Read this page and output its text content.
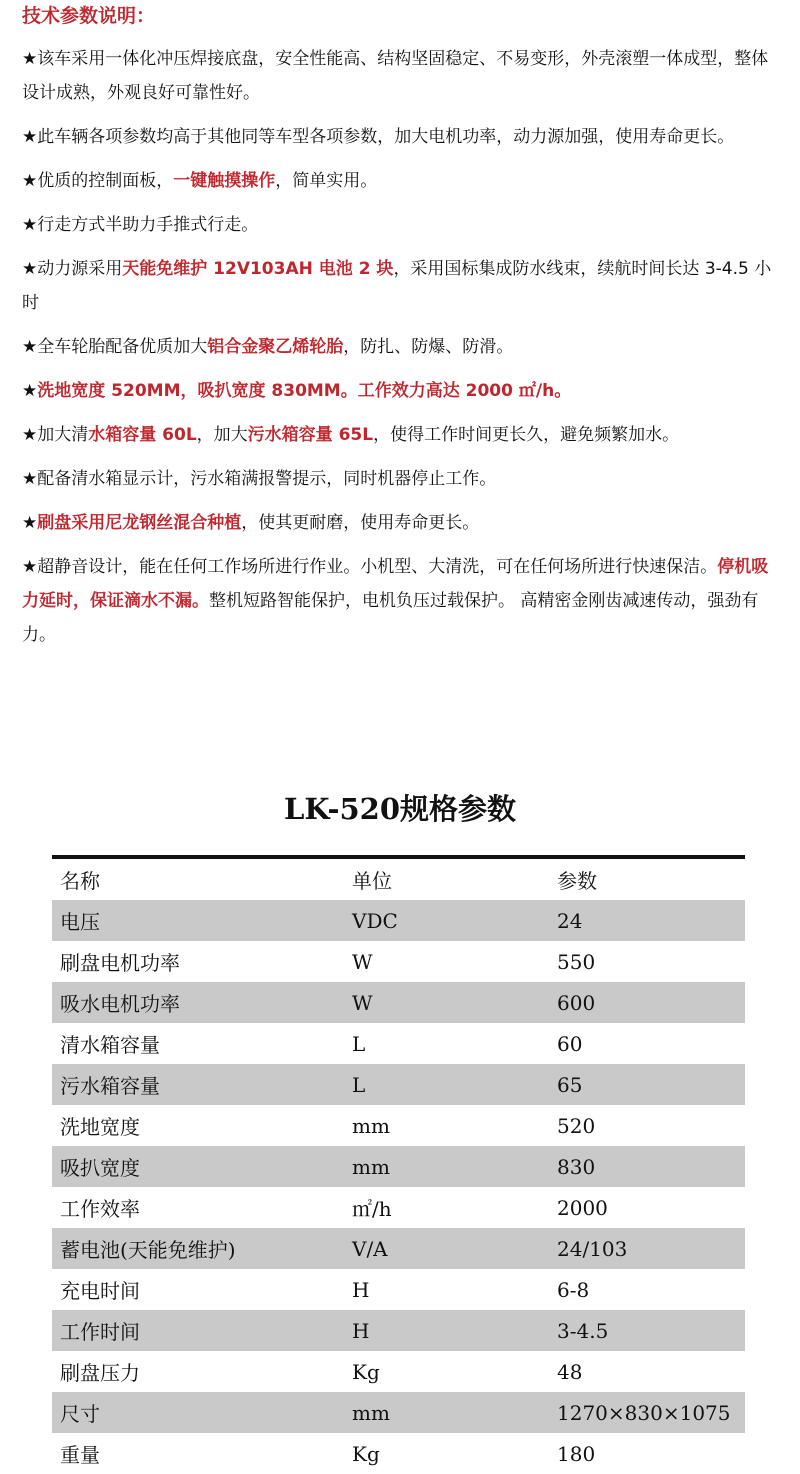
技术参数说明：
★该车采用一体化冲压焊接底盘，安全性能高、结构坚固稳定、不易变形，外壳滚塑一体成型，整体设计成熟，外观良好可靠性好。
★此车辆各项参数均高于其他同等车型各项参数，加大电机功率，动力源加强，使用寿命更长。
★优质的控制面板，一键触摸操作，简单实用。
★行走方式半助力手推式行走。
★动力源采用天能免维护 12V103AH 电池 2 块，采用国标集成防水线束，续航时间长达 3-4.5 小时
★全车轮胎配备优质加大铝合金聚乙烯轮胎，防扎、防爆、防滑。
★洗地宽度 520MM，吸扒宽度 830MM。工作效力高达 2000 ㎡/h。
★加大清水箱容量 60L，加大污水箱容量 65L，使得工作时间更长久，避免频繁加水。
★配备清水箱显示计，污水箱满报警提示，同时机器停止工作。
★刷盘采用尼龙钢丝混合种植，使其更耐磨，使用寿命更长。
★超静音设计，能在任何工作场所进行作业。小机型、大清洗，可在任何场所进行快速保洁。停机吸力延时，保证滴水不漏。整机短路智能保护，电机负压过载保护。 高精密金刚齿减速传动，强劲有力。
LK-520规格参数
名称	单位	参数
电压	VDC	24
刷盘电机功率	W	550
吸水电机功率	W	600
清水箱容量	L	60
污水箱容量	L	65
洗地宽度	mm	520
吸扒宽度	mm	830
工作效率	㎡/h	2000
蓄电池(天能免维护)	V/A	24/103
充电时间	H	6-8
工作时间	H	3-4.5
刷盘压力	Kg	48
尺寸	mm	1270×830×1075
重量	Kg	180
